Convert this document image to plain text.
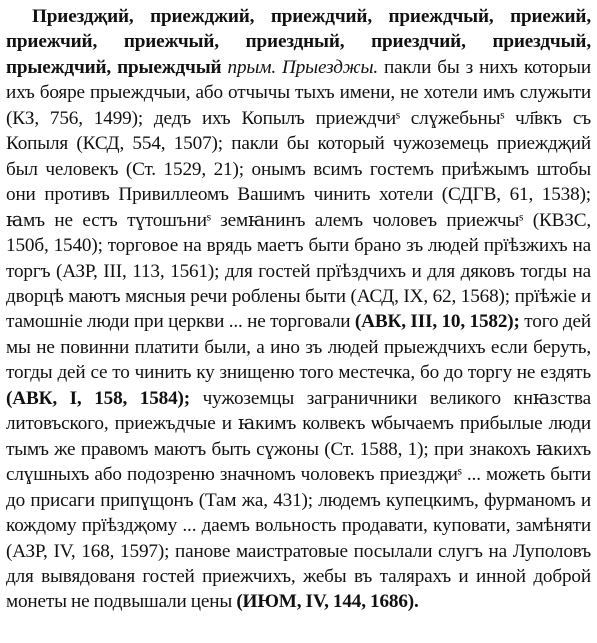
Приездҗий, приежджий, приеждчий, приеждчый, приежий, приежчий, приежчый, приездный, приездчий, приездчый, прыеждчий, прыеждчый прым. Прыезджы. пакли бы з нихъ которыи ихъ бояре прыеждчыи, або отчычы тыхъ имени, не хотели имъ служыти (КЗ, 756, 1499); дедъ ихъ Копылъ приеждчиˢ слɣжебьныˢ чл҃вкъ съ Копыля (КСД, 554, 1507); пакли бы который чужоземець приеждҗий был человекъ (Ст. 1529, 21); онымъ всимъ гостемъ приѣжымъ штобы они противъ Привиллеомъ Вашимъ чинить хотели (СДГВ, 61, 1538); ꙗмъ не естъ тɣтошъниˢ земꙗнинъ алемъ чоловеъ приежчыˢ (КВЗС, 150б, 1540); торговое на врядь маетъ быти брано зъ людей прїѣзжихъ на торгъ (АЗР, III, 113, 1561); для гостей прїѣздчихъ и для дяковъ тогды на дворцѣ маютъ мясныя речи роблены быти (АСД, IX, 62, 1568); прїѣжіе и тамошніе люди при церкви ... не торговали (АВК, III, 10, 1582); того дей мы не повинни платити были, а ино зъ людей прыеждчихъ если беруть, тогды дей се то чинить ку знищеню того местечка, бо до торгу не ездять (АВК, I, 158, 1584); чужоземцы заграничники великого кнꙗзства литовъского, приежъдчые и ꙗкимъ колвекъ ѡбычаемъ прибылые люди тымъ же правомъ маютъ быть сɣжоны (Ст. 1588, 1); при знакохъ ꙗкихъ слɣшныхъ або подозреню значномъ чоловекъ приездҗиˢ ... можеть быти до присаги припɣщонъ (Там жа, 431); людемъ купецкимъ, фурманомъ и кождому прїѣздҗому ... даемъ вольность продавати, куповати, замѣняти (АЗР, IV, 168, 1597); панове маистратовые посылали слугъ на Луполовъ для вывядованя гостей приежчихъ, жебы въ талярахъ и инной доброй монеты не подвышали цены (ИЮМ, IV, 144, 1686).
